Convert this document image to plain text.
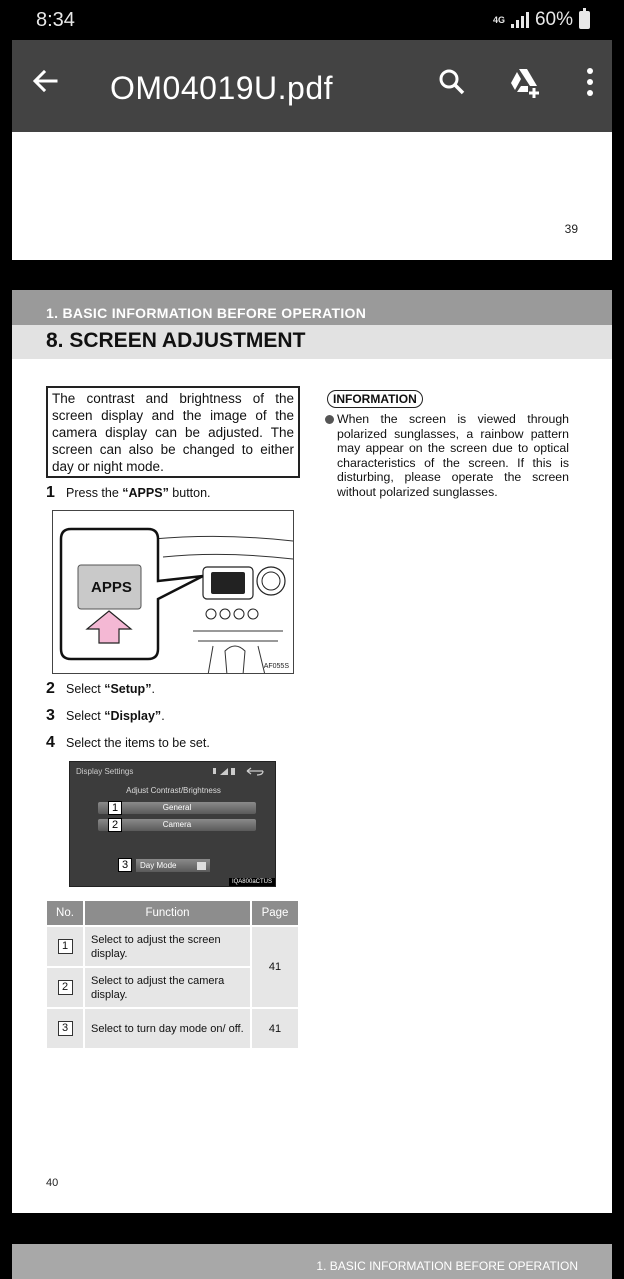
8:34	4G 60%
OM04019U.pdf
39
1. BASIC INFORMATION BEFORE OPERATION
8. SCREEN ADJUSTMENT
The contrast and brightness of the screen display and the image of the camera display can be adjusted. The screen can also be changed to either day or night mode.
1 Press the “APPS” button.
APPS
AF055S
2 Select “Setup”.
3 Select “Display”.
4 Select the items to be set.
Display Settings
Adjust Contrast/Brightness
General
1
Camera
2
Day Mode
3
IQA800aCTUS
No.	Function	Page
1	Select to adjust the screen display.	41
2	Select to adjust the camera display.	
3	Select to turn day mode on/ off.	41
INFORMATION
When the screen is viewed through polarized sunglasses, a rainbow pattern may appear on the screen due to optical characteristics of the screen. If this is disturbing, please operate the screen without polarized sunglasses.
40
1. BASIC INFORMATION BEFORE OPERATION
